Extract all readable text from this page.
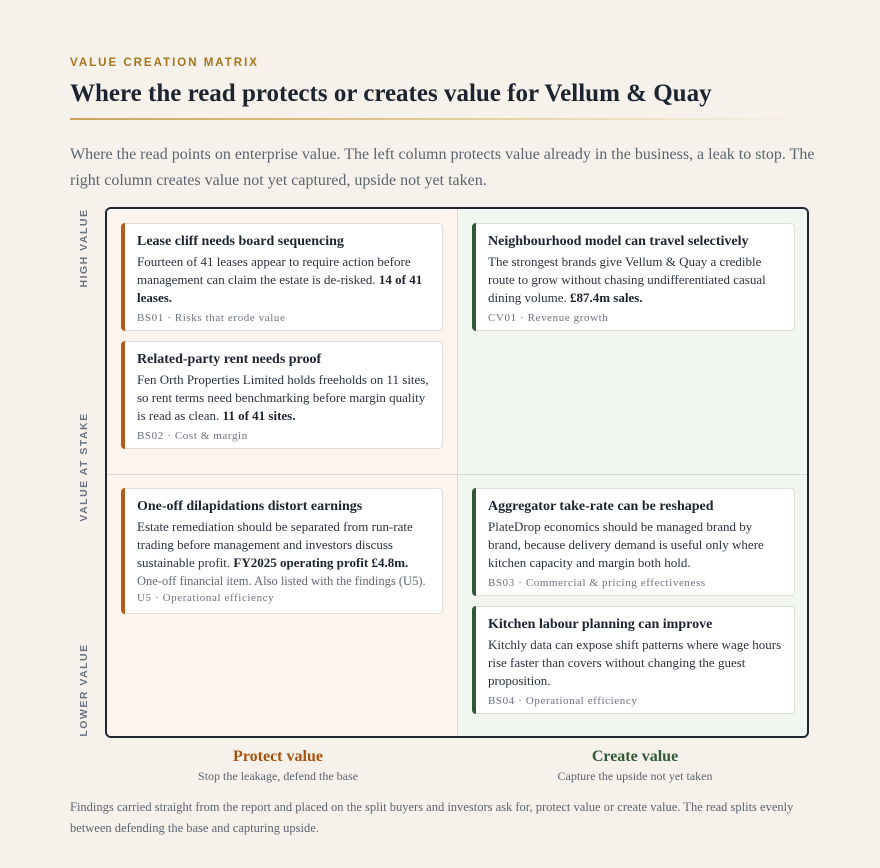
VALUE CREATION MATRIX
Where the read protects or creates value for Vellum & Quay

Where the read points on enterprise value. The left column protects value already in the business, a leak to stop. The right column creates value not yet captured, upside not yet taken.

HIGH VALUE
VALUE AT STAKE
LOWER VALUE
Lease cliff needs board sequencing
Fourteen of 41 leases appear to require action before management can claim the estate is de-risked. 14 of 41 leases.
BS01 · Risks that erode value
Related-party rent needs proof
Fen Orth Properties Limited holds freeholds on 11 sites, so rent terms need benchmarking before margin quality is read as clean. 11 of 41 sites.
BS02 · Cost & margin
One-off dilapidations distort earnings
Estate remediation should be separated from run-rate trading before management and investors discuss sustainable profit. FY2025 operating profit £4.8m.
One-off financial item. Also listed with the findings (U5).
U5 · Operational efficiency
Neighbourhood model can travel selectively
The strongest brands give Vellum & Quay a credible route to grow without chasing undifferentiated casual dining volume. £87.4m sales.
CV01 · Revenue growth
Aggregator take-rate can be reshaped
PlateDrop economics should be managed brand by brand, because delivery demand is useful only where kitchen capacity and margin both hold.
BS03 · Commercial & pricing effectiveness
Kitchen labour planning can improve
Kitchly data can expose shift patterns where wage hours rise faster than covers without changing the guest proposition.
BS04 · Operational efficiency
Protect value
Stop the leakage, defend the base
Create value
Capture the upside not yet taken

Findings carried straight from the report and placed on the split buyers and investors ask for, protect value or create value. The read splits evenly between defending the base and capturing upside.
